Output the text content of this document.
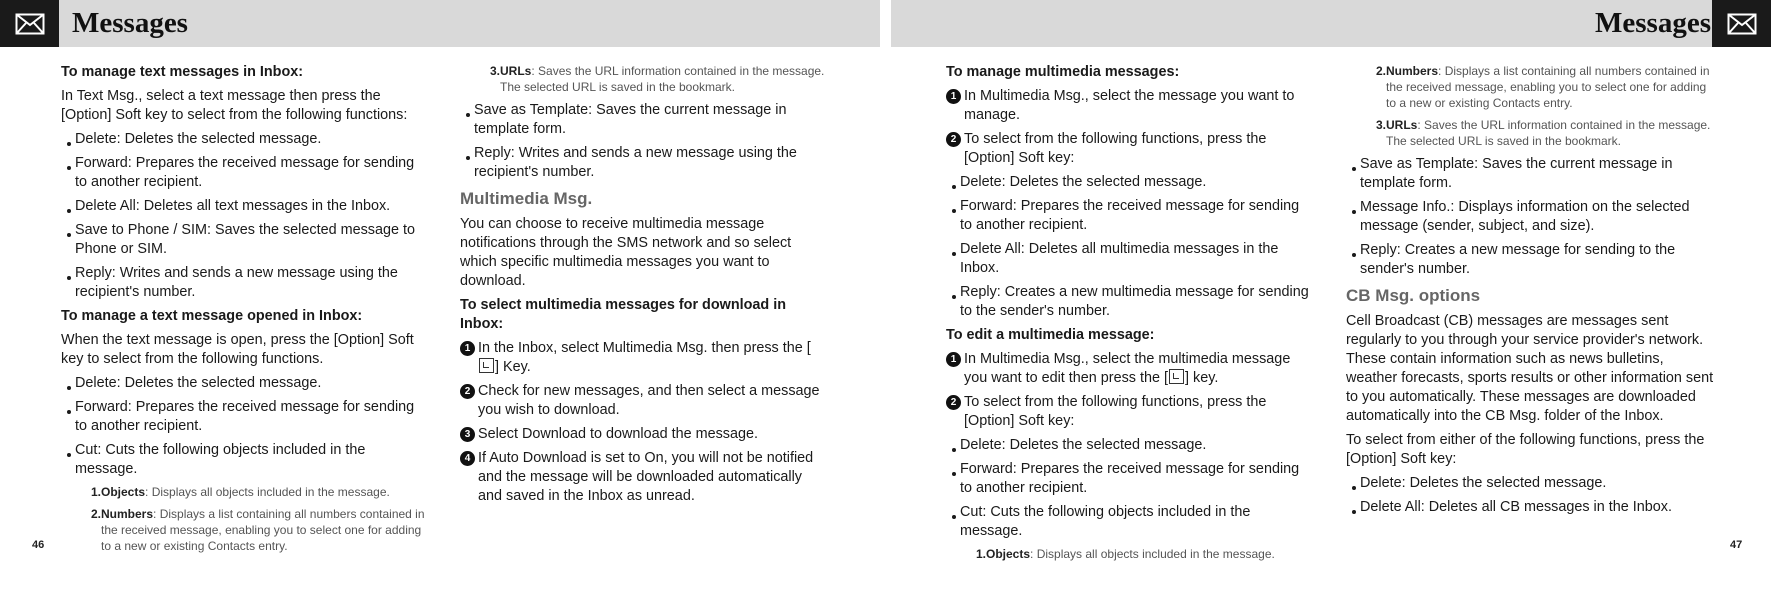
Messages	Messages

To manage text messages in Inbox:

In Text Msg., select a text message then press the [Option] Soft key to select from the following functions:

Delete: Deletes the selected message.
Forward: Prepares the received message for sending to another recipient.
Delete All: Deletes all text messages in the Inbox.
Save to Phone / SIM: Saves the selected message to Phone or SIM.
Reply: Writes and sends a new message using the recipient's number.

To manage a text message opened in Inbox:

When the text message is open, press the [Option] Soft key to select from the following functions.

Delete: Deletes the selected message.
Forward: Prepares the received message for sending to another recipient.
Cut: Cuts the following objects included in the message.

1.Objects: Displays all objects included in the message.

2.Numbers: Displays a list containing all numbers contained in the received message, enabling you to select one for adding to a new or existing Contacts entry.

3.URLs: Saves the URL information contained in the message. The selected URL is saved in the bookmark.

Save as Template: Saves the current message in template form.
Reply: Writes and sends a new message using the recipient's number.

Multimedia Msg.

You can choose to receive multimedia message notifications through the SMS network and so select which specific multimedia messages you want to download.

To select multimedia messages for download in Inbox:

1 In the Inbox, select Multimedia Msg. then press the [] Key.
2 Check for new messages, and then select a message you wish to download.
3 Select Download to download the message.
4 If Auto Download is set to On, you will not be notified and the message will be downloaded automatically and saved in the Inbox as unread.

To manage multimedia messages:

1 In Multimedia Msg., select the message you want to manage.
2 To select from the following functions, press the [Option] Soft key:
Delete: Deletes the selected message.
Forward: Prepares the received message for sending to another recipient.
Delete All: Deletes all multimedia messages in the Inbox.
Reply: Creates a new multimedia message for sending to the sender's number.

To edit a multimedia message:

1 In Multimedia Msg., select the multimedia message you want to edit then press the [ ] key.
2 To select from the following functions, press the [Option] Soft key:
Delete: Deletes the selected message.
Forward: Prepares the received message for sending to another recipient.
Cut: Cuts the following objects included in the message.

1.Objects: Displays all objects included in the message.

2.Numbers: Displays a list containing all numbers contained in the received message, enabling you to select one for adding to a new or existing Contacts entry.

3.URLs: Saves the URL information contained in the message. The selected URL is saved in the bookmark.

Save as Template: Saves the current message in template form.
Message Info.: Displays information on the selected message (sender, subject, and size).
Reply: Creates a new message for sending to the sender's number.

CB Msg. options

Cell Broadcast (CB) messages are messages sent regularly to you through your service provider's network. These contain information such as news bulletins, weather forecasts, sports results or other information sent to you automatically. These messages are downloaded automatically into the CB Msg. folder of the Inbox.

To select from either of the following functions, press the [Option] Soft key:

Delete: Deletes the selected message.
Delete All: Deletes all CB messages in the Inbox.
46	47
